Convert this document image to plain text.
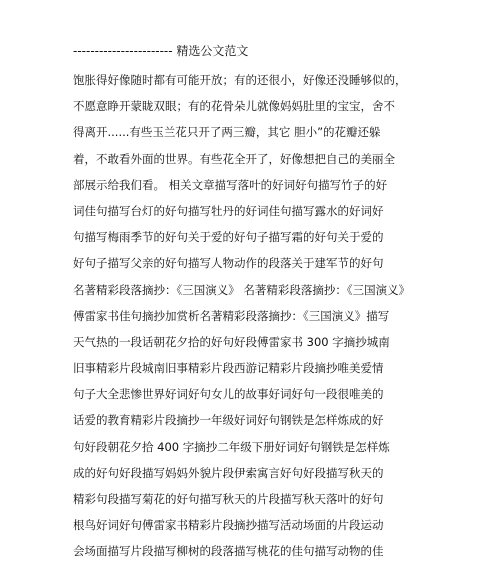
----------------------- 精选公文范文
饱胀得好像随时都有可能开放；有的还很小，好像还没睡够似的，
不愿意睁开蒙眬双眼；有的花骨朵儿就像妈妈肚里的宝宝，舍不
得离开......有些玉兰花只开了两三瓣，其它 胆小”的花瓣还躲
着，不敢看外面的世界。有些花全开了，好像想把自己的美丽全
部展示给我们看。 相关文章描写落叶的好词好句描写竹子的好
词佳句描写台灯的好句描写牡丹的好词佳句描写露水的好词好
句描写梅雨季节的好句关于爱的好句子描写霜的好句关于爱的
好句子描写父亲的好句描写人物动作的段落关于建军节的好句
名著精彩段落摘抄：《三国演义》 名著精彩段落摘抄：《三国演义》
傅雷家书佳句摘抄加赏析名著精彩段落摘抄：《三国演义》描写
天气热的一段话朝花夕拾的好句好段傅雷家书 300 字摘抄城南
旧事精彩片段城南旧事精彩片段西游记精彩片段摘抄唯美爱情
句子大全悲惨世界好词好句女儿的故事好词好句一段很唯美的
话爱的教育精彩片段摘抄一年级好词好句钢铁是怎样炼成的好
句好段朝花夕拾 400 字摘抄二年级下册好词好句钢铁是怎样炼
成的好句好段描写妈妈外貌片段伊索寓言好句好段描写秋天的
精彩句段描写菊花的好句描写秋天的片段描写秋天落叶的好句
根鸟好词好句傅雷家书精彩片段摘抄描写活动场面的片段运动
会场面描写片段描写柳树的段落描写桃花的佳句描写动物的佳
